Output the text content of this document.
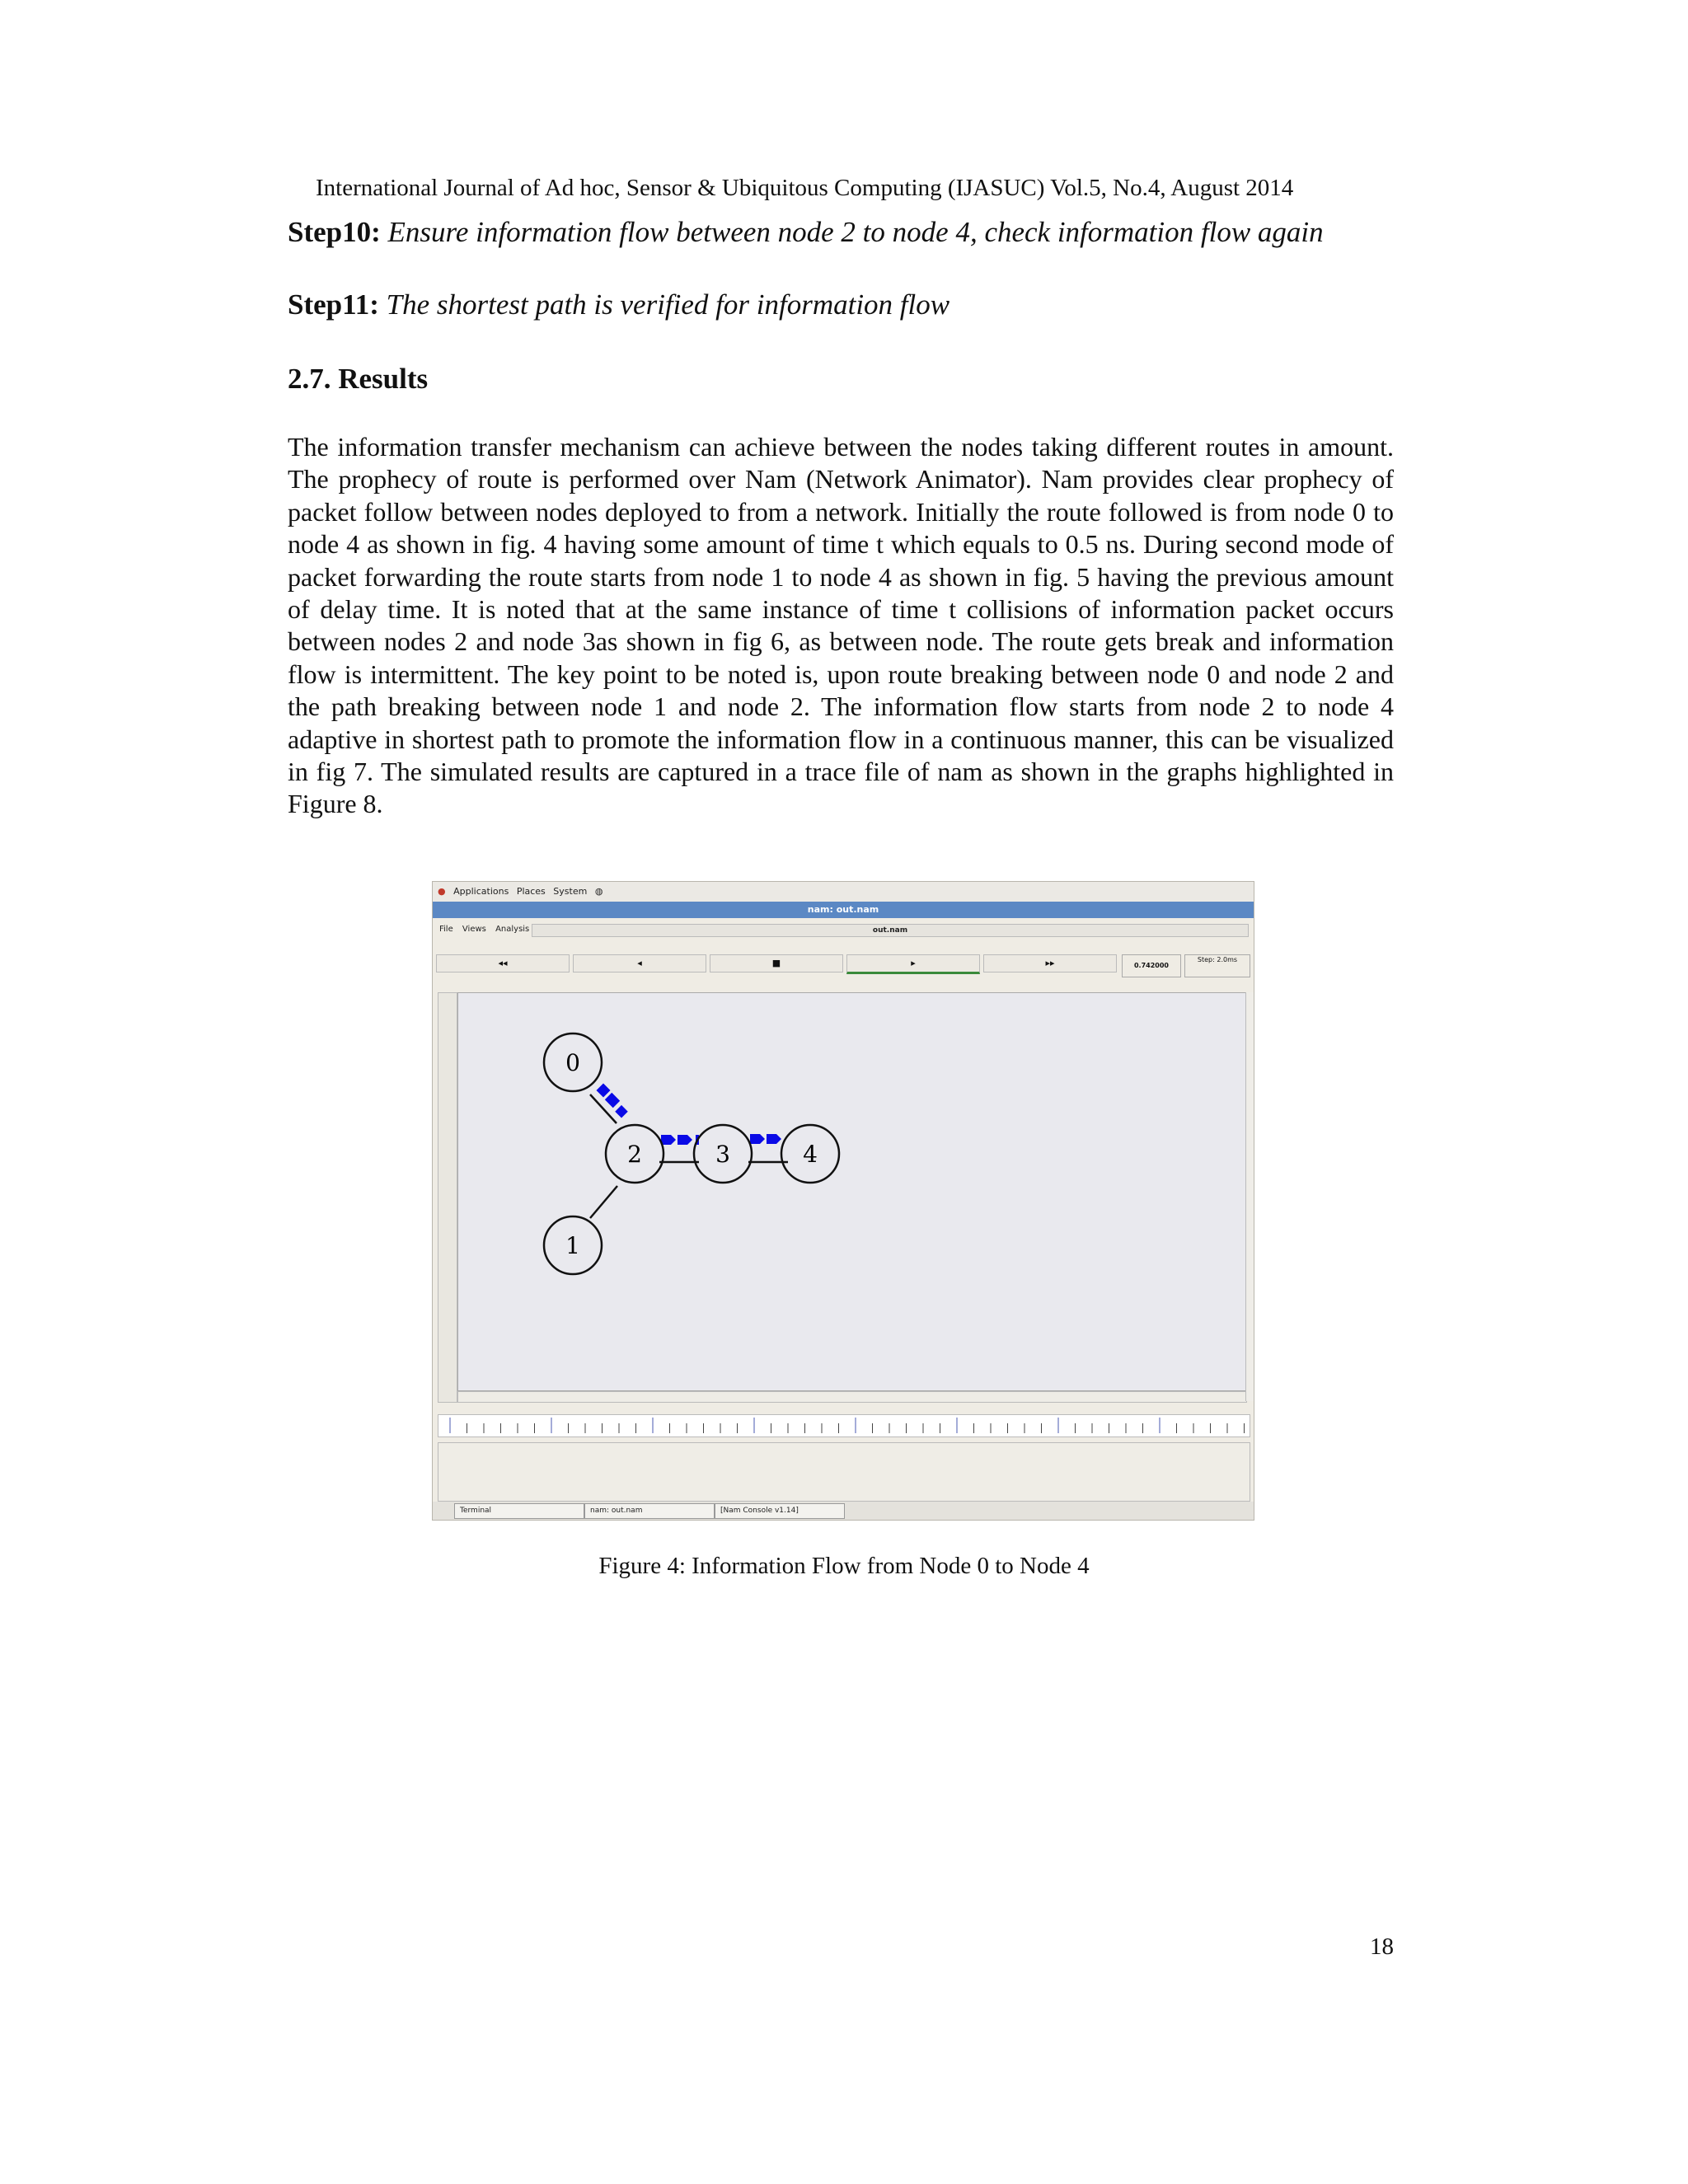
International Journal of Ad hoc, Sensor & Ubiquitous Computing (IJASUC) Vol.5, No.4, August 2014
Step10: Ensure information flow between node 2 to node 4, check information flow again
Step11: The shortest path is verified for information flow
2.7. Results
The information transfer mechanism can achieve between the nodes taking different routes in amount. The prophecy of route is performed over Nam (Network Animator). Nam provides clear prophecy of packet follow between nodes deployed to from a network. Initially the route followed is from node 0 to node 4 as shown in fig. 4 having some amount of time t which equals to 0.5 ns. During second mode of packet forwarding the route starts from node 1 to node 4 as shown in fig. 5 having the previous amount of delay time. It is noted that at the same instance of time t collisions of information packet occurs between nodes 2 and node 3as shown in fig 6, as between node. The route gets break and information flow is intermittent. The key point to be noted is, upon route breaking between node 0 and node 2 and the path breaking between node 1 and node 2. The information flow starts from node 2 to node 4 adaptive in shortest path to promote the information flow in a continuous manner, this can be visualized in fig 7. The simulated results are captured in a trace file of nam as shown in the graphs highlighted in Figure 8.
● Applications Places System ◍
nam: out.nam
File Views Analysis	out.nam
◂◂	◂	■	▸	▸▸	0.742000
Step: 2.0ms
0
1
2	3	4
Terminal	nam: out.nam	[Nam Console v1.14]
Figure 4: Information Flow from Node 0 to Node 4
18
